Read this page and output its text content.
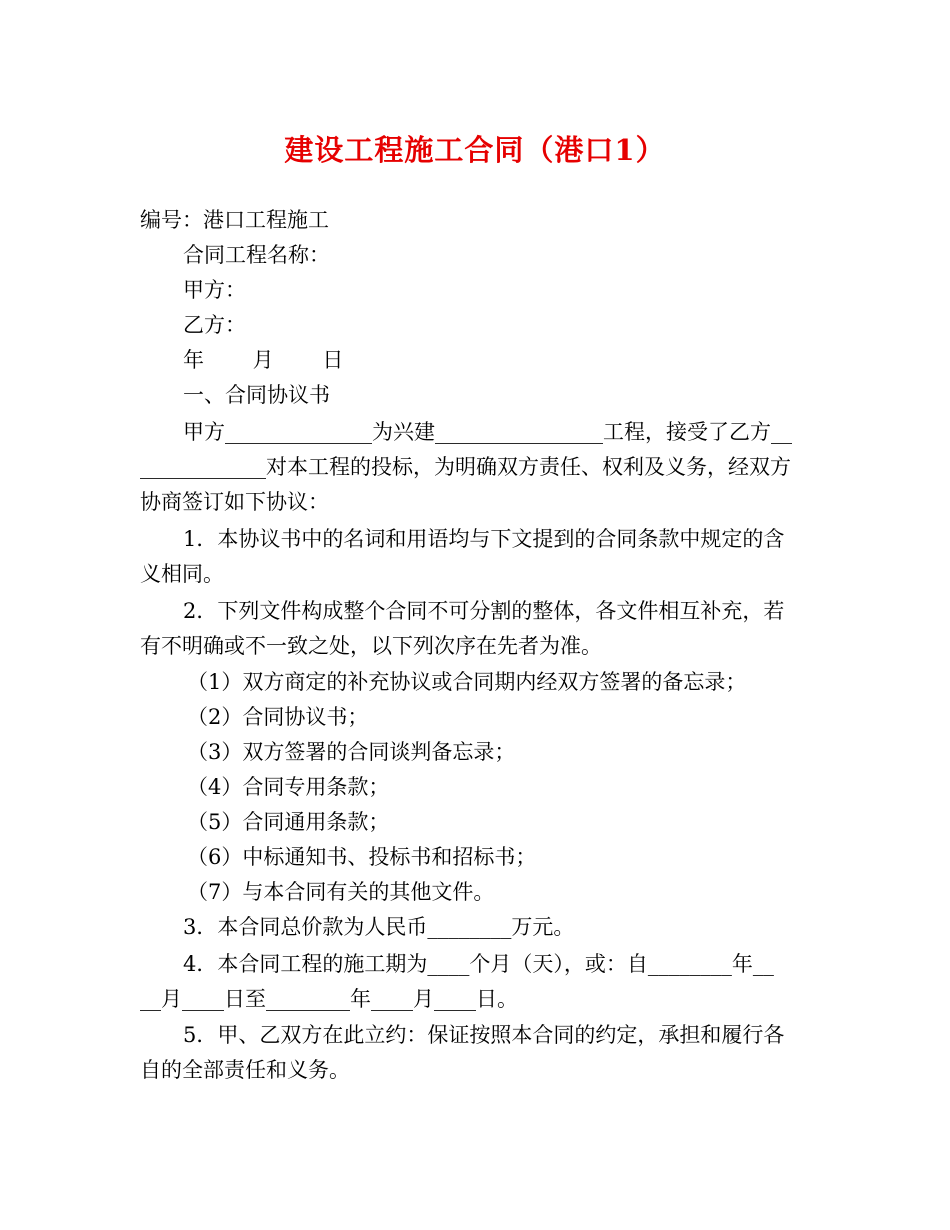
建设工程施工合同（港口1）
编号：港口工程施工
合同工程名称：
甲方：
乙方：
年　　 月　　 日
一、合同协议书
甲方______________为兴建________________工程，接受了乙方__
____________对本工程的投标，为明确双方责任、权利及义务，经双方
协商签订如下协议：
1．本协议书中的名词和用语均与下文提到的合同条款中规定的含
义相同。
2．下列文件构成整个合同不可分割的整体，各文件相互补充，若
有不明确或不一致之处，以下列次序在先者为准。
（1）双方商定的补充协议或合同期内经双方签署的备忘录；
（2）合同协议书；
（3）双方签署的合同谈判备忘录；
（4）合同专用条款；
（5）合同通用条款；
（6）中标通知书、投标书和招标书；
（7）与本合同有关的其他文件。
3．本合同总价款为人民币________万元。
4．本合同工程的施工期为____个月（天），或：自________年__
__月____日至________年____月____日。
5．甲、乙双方在此立约：保证按照本合同的约定，承担和履行各
自的全部责任和义务。
